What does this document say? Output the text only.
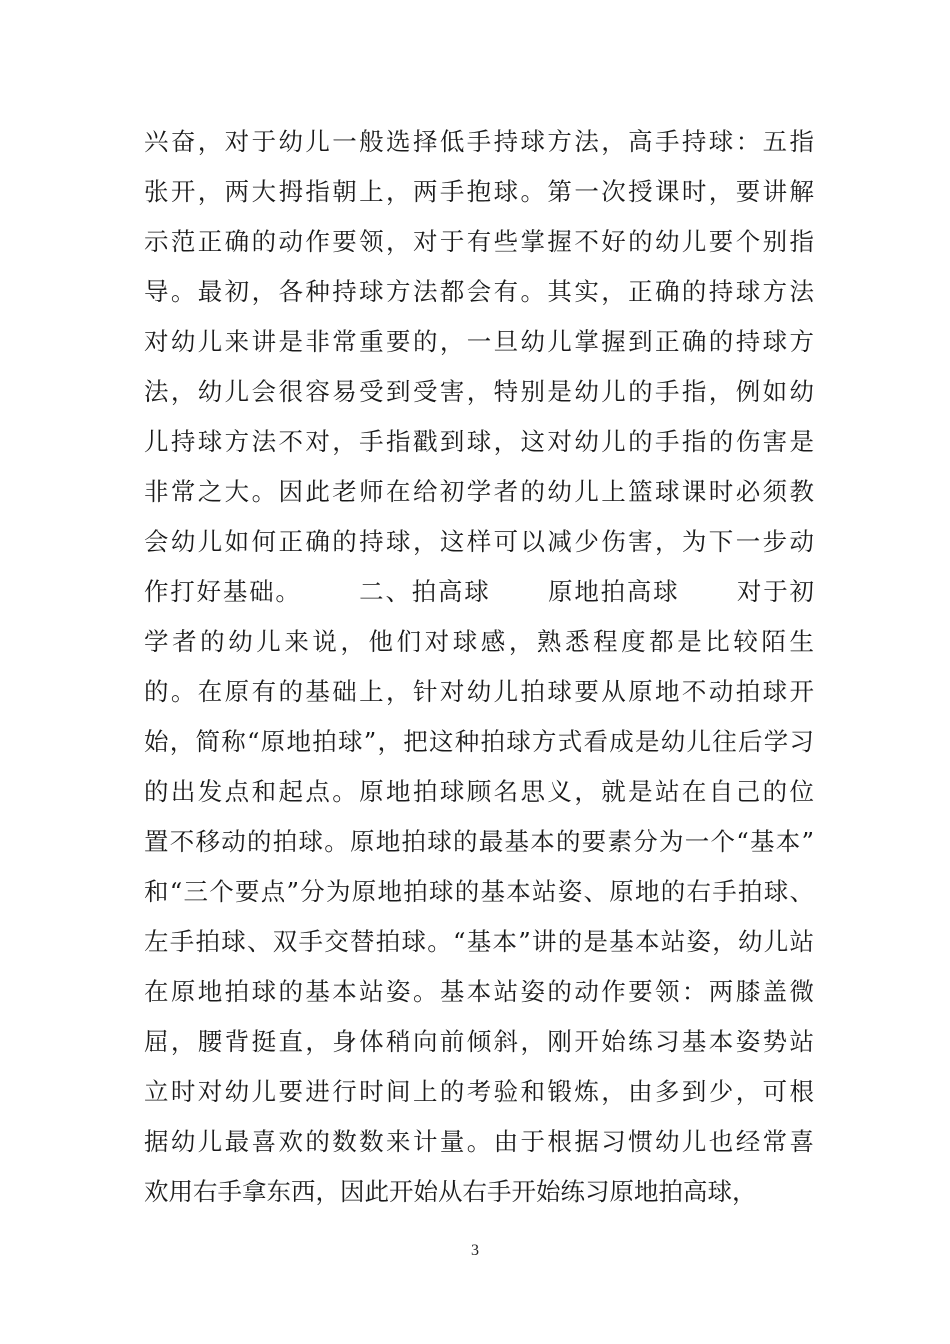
兴奋，对于幼儿一般选择低手持球方法，高手持球：五指
张开，两大拇指朝上，两手抱球。第一次授课时，要讲解
示范正确的动作要领，对于有些掌握不好的幼儿要个别指
导。最初，各种持球方法都会有。其实，正确的持球方法
对幼儿来讲是非常重要的，一旦幼儿掌握到正确的持球方
法，幼儿会很容易受到受害，特别是幼儿的手指，例如幼
儿持球方法不对，手指戳到球，这对幼儿的手指的伤害是
非常之大。因此老师在给初学者的幼儿上篮球课时必须教
会幼儿如何正确的持球，这样可以减少伤害，为下一步动
作打好基础。      二、拍高球      原地拍高球      对于初
学者的幼儿来说，他们对球感，熟悉程度都是比较陌生
的。在原有的基础上，针对幼儿拍球要从原地不动拍球开
始，简称“原地拍球”，把这种拍球方式看成是幼儿往后学习
的出发点和起点。原地拍球顾名思义，就是站在自己的位
置不移动的拍球。原地拍球的最基本的要素分为一个“基本”
和“三个要点”分为原地拍球的基本站姿、原地的右手拍球、
左手拍球、双手交替拍球。“基本”讲的是基本站姿，幼儿站
在原地拍球的基本站姿。基本站姿的动作要领：两膝盖微
屈，腰背挺直，身体稍向前倾斜，刚开始练习基本姿势站
立时对幼儿要进行时间上的考验和锻炼，由多到少，可根
据幼儿最喜欢的数数来计量。由于根据习惯幼儿也经常喜
欢用右手拿东西，因此开始从右手开始练习原地拍高球，
3
